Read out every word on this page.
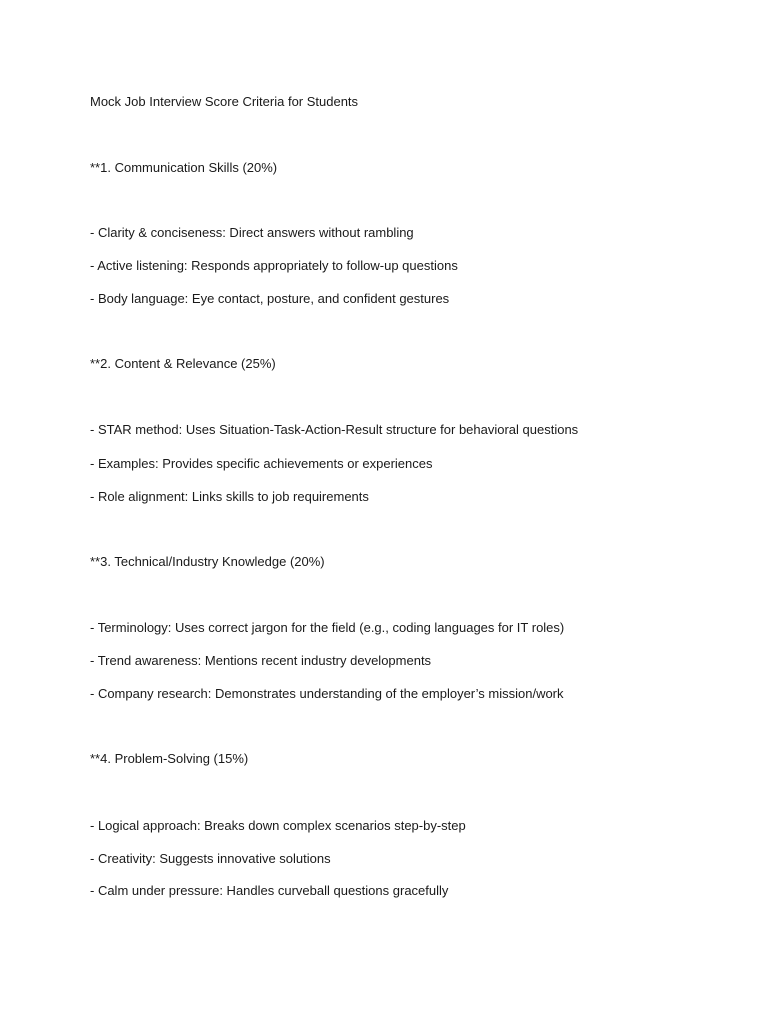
Mock Job Interview Score Criteria for Students
**1. Communication Skills (20%)
- Clarity & conciseness: Direct answers without rambling
- Active listening: Responds appropriately to follow-up questions
- Body language: Eye contact, posture, and confident gestures
**2. Content & Relevance (25%)
- STAR method: Uses Situation-Task-Action-Result structure for behavioral questions
- Examples: Provides specific achievements or experiences
- Role alignment: Links skills to job requirements
**3. Technical/Industry Knowledge (20%)
- Terminology: Uses correct jargon for the field (e.g., coding languages for IT roles)
- Trend awareness: Mentions recent industry developments
- Company research: Demonstrates understanding of the employer’s mission/work
**4. Problem-Solving (15%)
- Logical approach: Breaks down complex scenarios step-by-step
- Creativity: Suggests innovative solutions
- Calm under pressure: Handles curveball questions gracefully
